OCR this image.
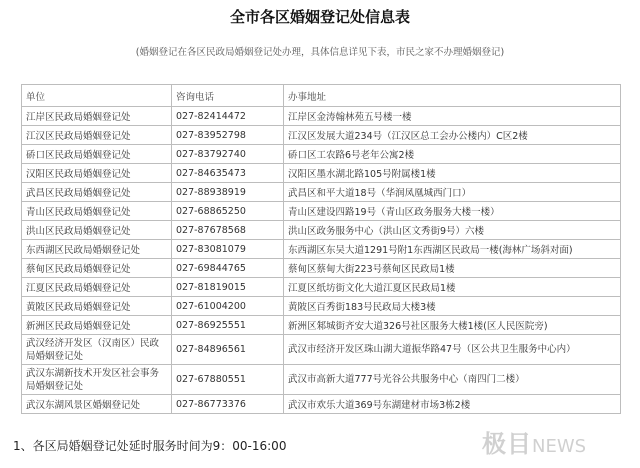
全市各区婚姻登记处信息表
(婚姻登记在各区民政局婚姻登记处办理，具体信息详见下表，市民之家不办理婚姻登记)
单位	咨询电话	办事地址
江岸区民政局婚姻登记处	027-82414472	江岸区金涛翰林苑五号楼一楼
江汉区民政局婚姻登记处	027-83952798	江汉区发展大道234号（江汉区总工会办公楼内）C区2楼
硚口区民政局婚姻登记处	027-83792740	硚口区工农路6号老年公寓2楼
汉阳区民政局婚姻登记处	027-84635473	汉阳区墨水湖北路105号附属楼1楼
武昌区民政局婚姻登记处	027-88938919	武昌区和平大道18号（华润凤凰城西门口）
青山区民政局婚姻登记处	027-68865250	青山区建设四路19号（青山区政务服务大楼一楼）
洪山区民政局婚姻登记处	027-87678568	洪山区政务服务中心（洪山区文秀街9号）六楼
东西湖区民政局婚姻登记处	027-83081079	东西湖区东吴大道1291号附1东西湖区民政局一楼(海林广场斜对面)
蔡甸区民政局婚姻登记处	027-69844765	蔡甸区蔡甸大街223号蔡甸区民政局1楼
江夏区民政局婚姻登记处	027-81819015	江夏区纸坊街文化大道江夏区民政局1楼
黄陂区民政局婚姻登记处	027-61004200	黄陂区百秀街183号民政局大楼3楼
新洲区民政局婚姻登记处	027-86925551	新洲区邾城街齐安大道326号社区服务大楼1楼(区人民医院旁)
武汉经济开发区（汉南区）民政局婚姻登记处	027-84896561	武汉市经济开发区珠山湖大道振华路47号（区公共卫生服务中心内）
武汉东湖新技术开发区社会事务局婚姻登记处	027-67880551	武汉市高新大道777号光谷公共服务中心（南四门二楼）
武汉东湖风景区婚姻登记处	027-86773376	武汉市欢乐大道369号东湖建材市场3栋2楼
1、各区局婚姻登记处延时服务时间为9：00-16:00	极目NEWS
